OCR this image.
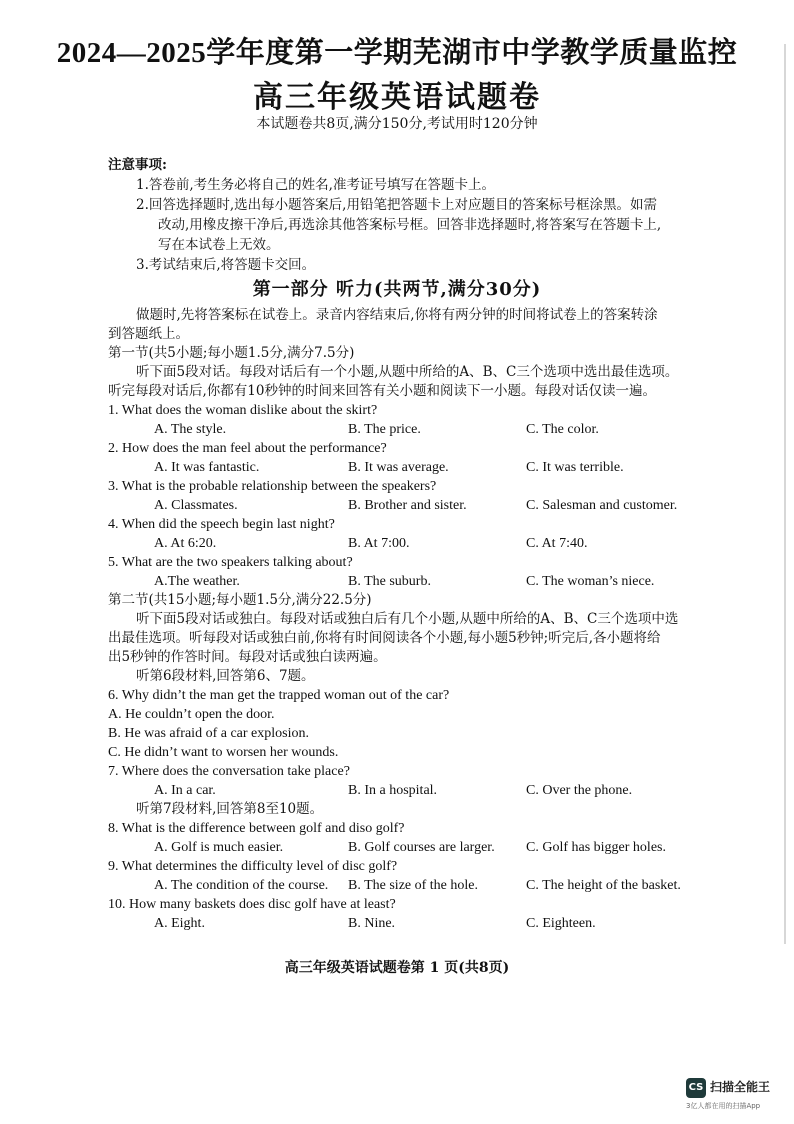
2024—2025学年度第一学期芜湖市中学教学质量监控
高三年级英语试题卷
本试题卷共8页,满分150分,考试用时120分钟
注意事项:
1.答卷前,考生务必将自己的姓名,准考证号填写在答题卡上。
2.回答选择题时,选出每小题答案后,用铅笔把答题卡上对应题目的答案标号框涂黑。如需
改动,用橡皮擦干净后,再选涂其他答案标号框。回答非选择题时,将答案写在答题卡上,
写在本试卷上无效。
3.考试结束后,将答题卡交回。
第一部分 听力(共两节,满分30分)

做题时,先将答案标在试卷上。录音内容结束后,你将有两分钟的时间将试卷上的答案转涂

到答题纸上。

第一节(共5小题;每小题1.5分,满分7.5分)

听下面5段对话。每段对话后有一个小题,从题中所给的A、B、C三个选项中选出最佳选项。

听完每段对话后,你都有10秒钟的时间来回答有关小题和阅读下一小题。每段对话仅读一遍。

1. What does the woman dislike about the skirt?

A. The style.	B. The price.	C. The color.

2. How does the man feel about the performance?

A. It was fantastic.	B. It was average.	C. It was terrible.

3. What is the probable relationship between the speakers?

A. Classmates.	B. Brother and sister.	C. Salesman and customer.

4. When did the speech begin last night?

A. At 6:20.	B. At 7:00.	C. At 7:40.

5. What are the two speakers talking about?

A.The weather.	B. The suburb.	C. The woman’s niece.

第二节(共15小题;每小题1.5分,满分22.5分)

听下面5段对话或独白。每段对话或独白后有几个小题,从题中所给的A、B、C三个选项中选

出最佳选项。听每段对话或独白前,你将有时间阅读各个小题,每小题5秒钟;听完后,各小题将给

出5秒钟的作答时间。每段对话或独白读两遍。

听第6段材料,回答第6、7题。

6. Why didn’t the man get the trapped woman out of the car?

A. He couldn’t open the door.

B. He was afraid of a car explosion.

C. He didn’t want to worsen her wounds.

7. Where does the conversation take place?

A. In a car.	B. In a hospital.	C. Over the phone.

听第7段材料,回答第8至10题。

8. What is the difference between golf and diso golf?

A. Golf is much easier.	B. Golf courses are larger. C. Golf has bigger holes.

9. What determines the difficulty level of disc golf?

A. The condition of the course. B. The size of the hole.	C. The height of the basket.

10. How many baskets does disc golf have at least?

A. Eight.	B. Nine.	C. Eighteen.
高三年级英语试题卷第 1 页(共8页)
CS 扫描全能王
3亿人都在用的扫描App
